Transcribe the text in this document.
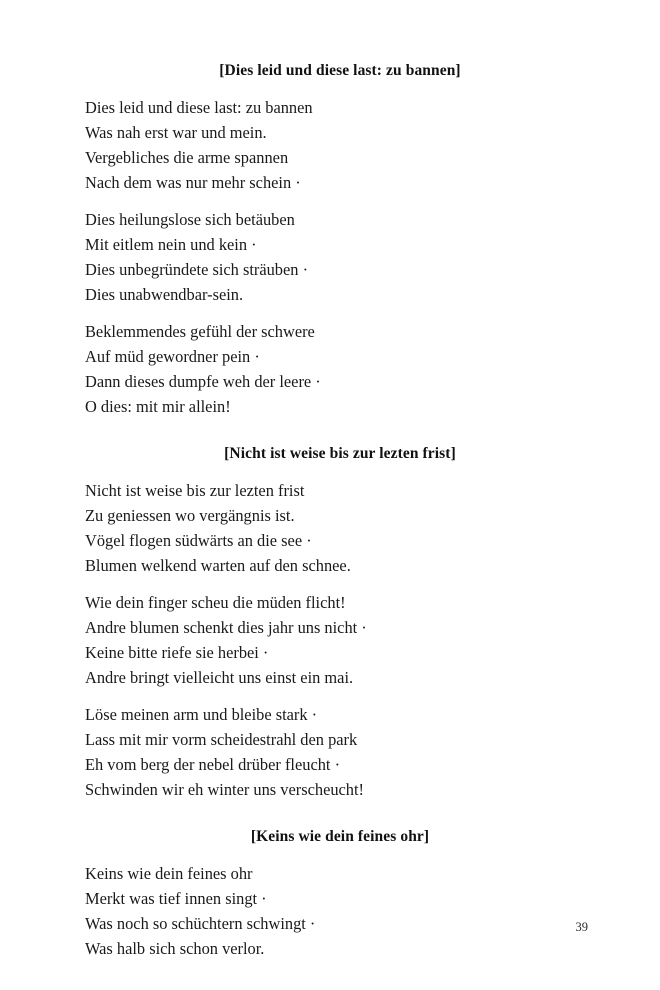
[Dies leid und diese last: zu bannen]
Dies leid und diese last: zu bannen
Was nah erst war und mein.
Vergebliches die arme spannen
Nach dem was nur mehr schein ·
Dies heilungslose sich betäuben
Mit eitlem nein und kein ·
Dies unbegründete sich sträuben ·
Dies unabwendbar-sein.
Beklemmendes gefühl der schwere
Auf müd gewordner pein ·
Dann dieses dumpfe weh der leere ·
O dies: mit mir allein!
[Nicht ist weise bis zur lezten frist]
Nicht ist weise bis zur lezten frist
Zu geniessen wo vergängnis ist.
Vögel flogen südwärts an die see ·
Blumen welkend warten auf den schnee.
Wie dein finger scheu die müden flicht!
Andre blumen schenkt dies jahr uns nicht ·
Keine bitte riefe sie herbei ·
Andre bringt vielleicht uns einst ein mai.
Löse meinen arm und bleibe stark ·
Lass mit mir vorm scheidestrahl den park
Eh vom berg der nebel drüber fleucht ·
Schwinden wir eh winter uns verscheucht!
[Keins wie dein feines ohr]
Keins wie dein feines ohr
Merkt was tief innen singt ·
Was noch so schüchtern schwingt ·
Was halb sich schon verlor.
39
